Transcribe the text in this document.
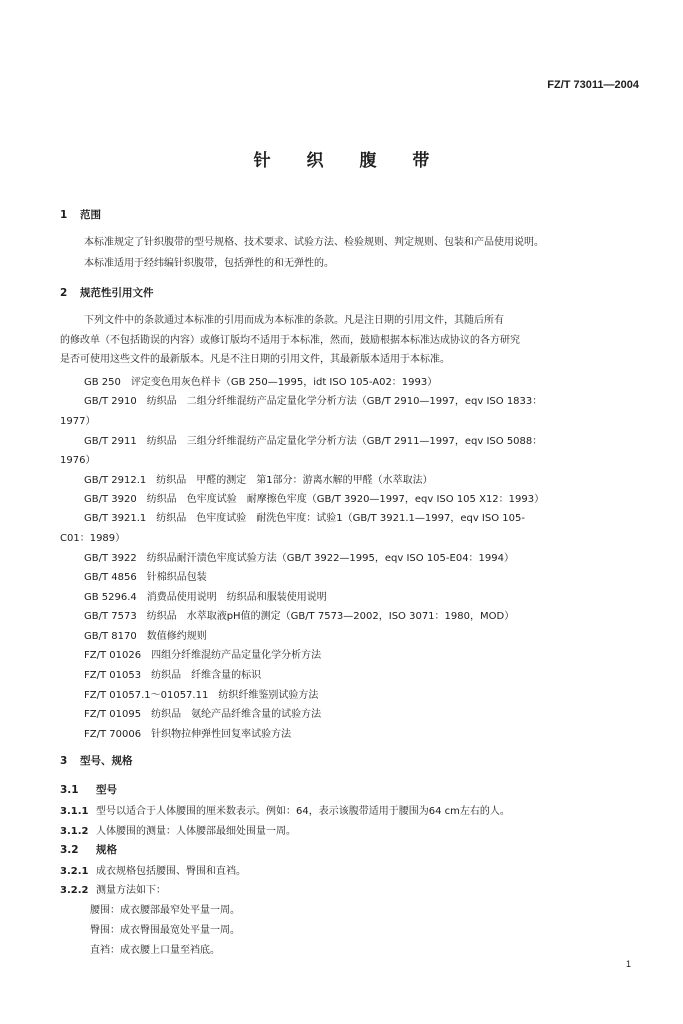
FZ/T 73011—2004
针 织 腹 带
1 范围
本标准规定了针织腹带的型号规格、技术要求、试验方法、检验规则、判定规则、包装和产品使用说明。
本标准适用于经纬编针织腹带，包括弹性的和无弹性的。
2 规范性引用文件
下列文件中的条款通过本标准的引用而成为本标准的条款。凡是注日期的引用文件，其随后所有
的修改单（不包括勘误的内容）或修订版均不适用于本标准，然而，鼓励根据本标准达成协议的各方研究
是否可使用这些文件的最新版本。凡是不注日期的引用文件，其最新版本适用于本标准。
GB 250　评定变色用灰色样卡（GB 250—1995，idt ISO 105-A02：1993）
GB/T 2910　纺织品　二组分纤维混纺产品定量化学分析方法（GB/T 2910—1997，eqv ISO 1833：
1977）
GB/T 2911　纺织品　三组分纤维混纺产品定量化学分析方法（GB/T 2911—1997，eqv ISO 5088：
1976）
GB/T 2912.1　纺织品　甲醛的测定　第1部分：游离水解的甲醛（水萃取法）
GB/T 3920　纺织品　色牢度试验　耐摩擦色牢度（GB/T 3920—1997，eqv ISO 105 X12：1993）
GB/T 3921.1　纺织品　色牢度试验　耐洗色牢度：试验1（GB/T 3921.1—1997，eqv ISO 105-
C01：1989）
GB/T 3922　纺织品耐汗渍色牢度试验方法（GB/T 3922—1995，eqv ISO 105-E04：1994）
GB/T 4856　针棉织品包装
GB 5296.4　消费品使用说明　纺织品和服装使用说明
GB/T 7573　纺织品　水萃取液pH值的测定（GB/T 7573—2002，ISO 3071：1980，MOD）
GB/T 8170　数值修约规则
FZ/T 01026　四组分纤维混纺产品定量化学分析方法
FZ/T 01053　纺织品　纤维含量的标识
FZ/T 01057.1～01057.11　纺织纤维鉴别试验方法
FZ/T 01095　纺织品　氨纶产品纤维含量的试验方法
FZ/T 70006　针织物拉伸弹性回复率试验方法
3 型号、规格
3.1 型号
3.1.1 型号以适合于人体腰围的厘米数表示。例如：64，表示该腹带适用于腰围为64 cm左右的人。
3.1.2 人体腰围的测量：人体腰部最细处围量一周。
3.2 规格
3.2.1 成衣规格包括腰围、臀围和直裆。
3.2.2 测量方法如下：
腰围：成衣腰部最窄处平量一周。
臀围：成衣臀围最宽处平量一周。
直裆：成衣腰上口量至裆底。
1
